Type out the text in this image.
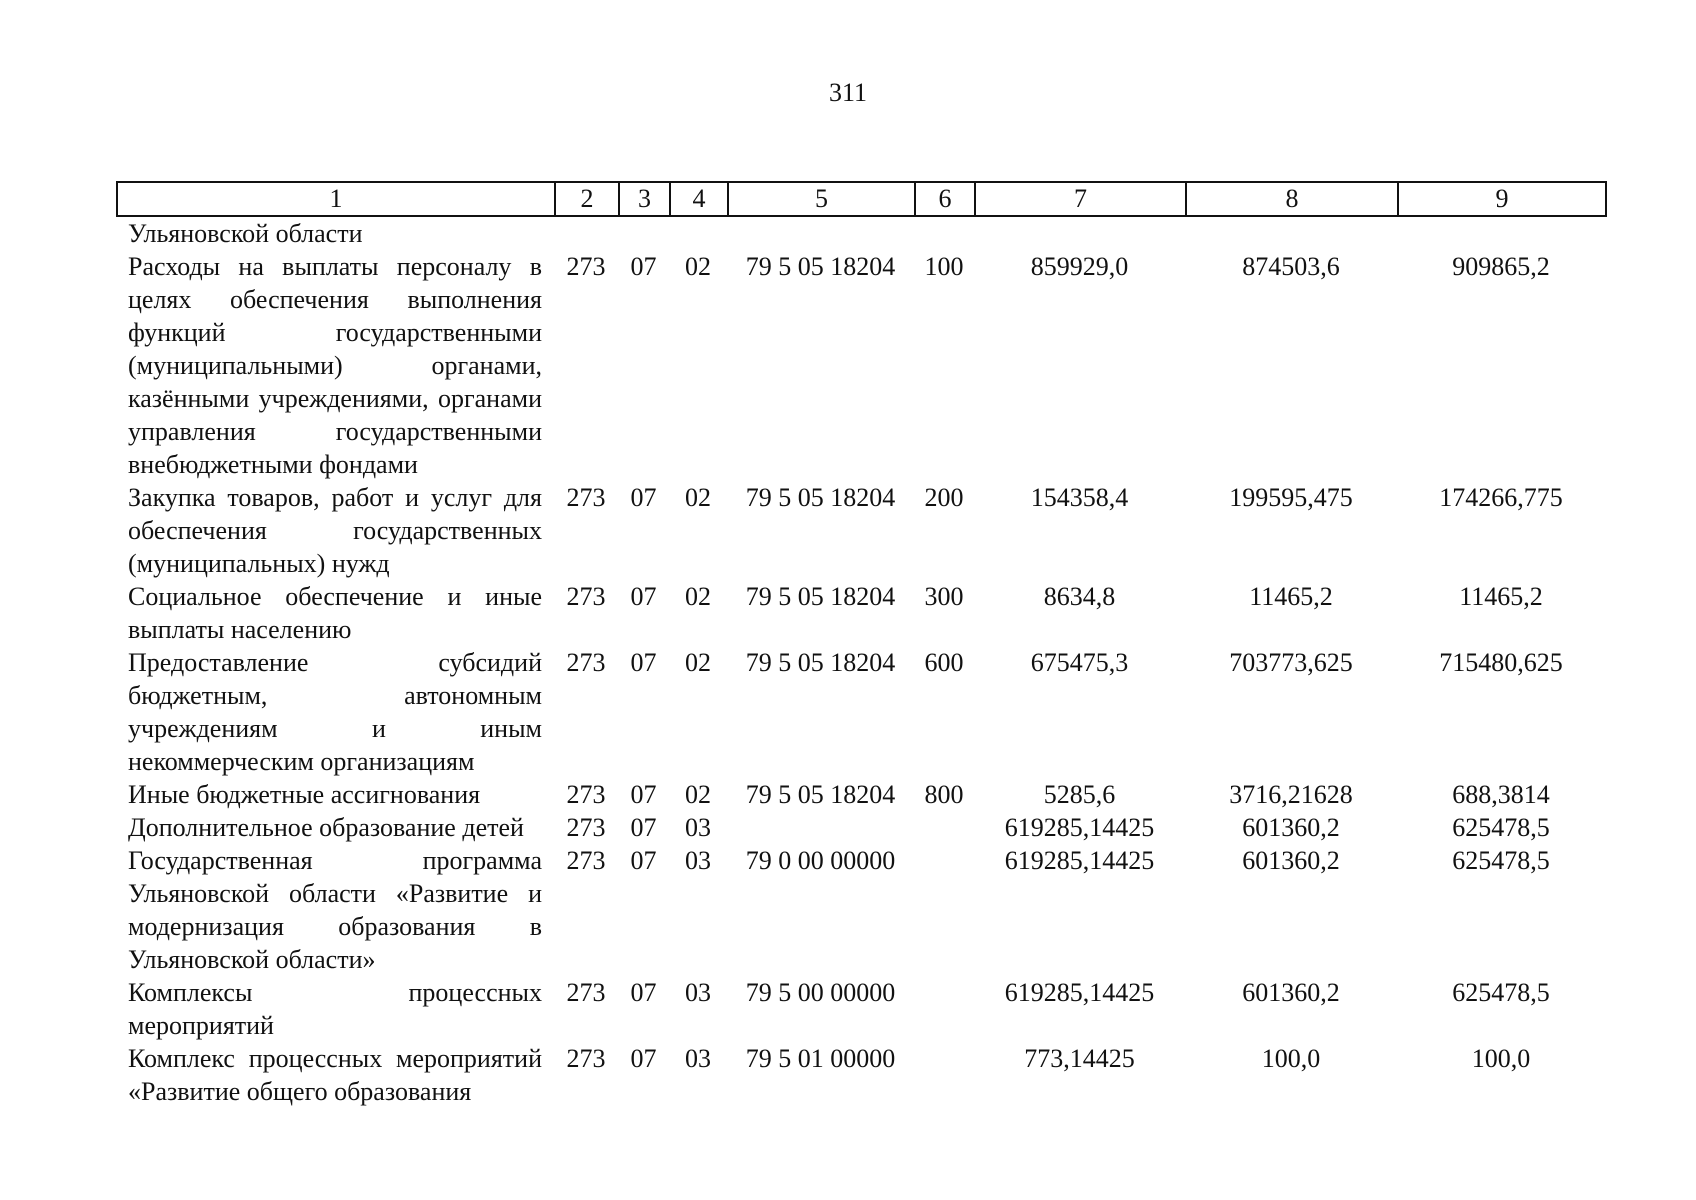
311
1	2	3	4	5	6	7	8	9
Ульяновской области								
Расходы на выплаты персоналу в целях обеспечения выполнения функций государственными (муниципальными) органами, казёнными учреждениями, органами управления государственными внебюджетными фондами	273	07	02	79 5 05 18204	100	859929,0	874503,6	909865,2
Закупка товаров, работ и услуг для обеспечения государственных (муниципальных) нужд	273	07	02	79 5 05 18204	200	154358,4	199595,475	174266,775
Социальное обеспечение и иные выплаты населению	273	07	02	79 5 05 18204	300	8634,8	11465,2	11465,2
Предоставление субсидий бюджетным, автономным учреждениям и иным некоммерческим организациям	273	07	02	79 5 05 18204	600	675475,3	703773,625	715480,625
Иные бюджетные ассигнования	273	07	02	79 5 05 18204	800	5285,6	3716,21628	688,3814
Дополнительное образование детей	273	07	03			619285,14425	601360,2	625478,5
Государственная программа Ульяновской области «Развитие и модернизация образования в Ульяновской области»	273	07	03	79 0 00 00000		619285,14425	601360,2	625478,5
Комплексы процессных мероприятий	273	07	03	79 5 00 00000		619285,14425	601360,2	625478,5
Комплекс процессных мероприятий «Развитие общего образования	273	07	03	79 5 01 00000		773,14425	100,0	100,0
